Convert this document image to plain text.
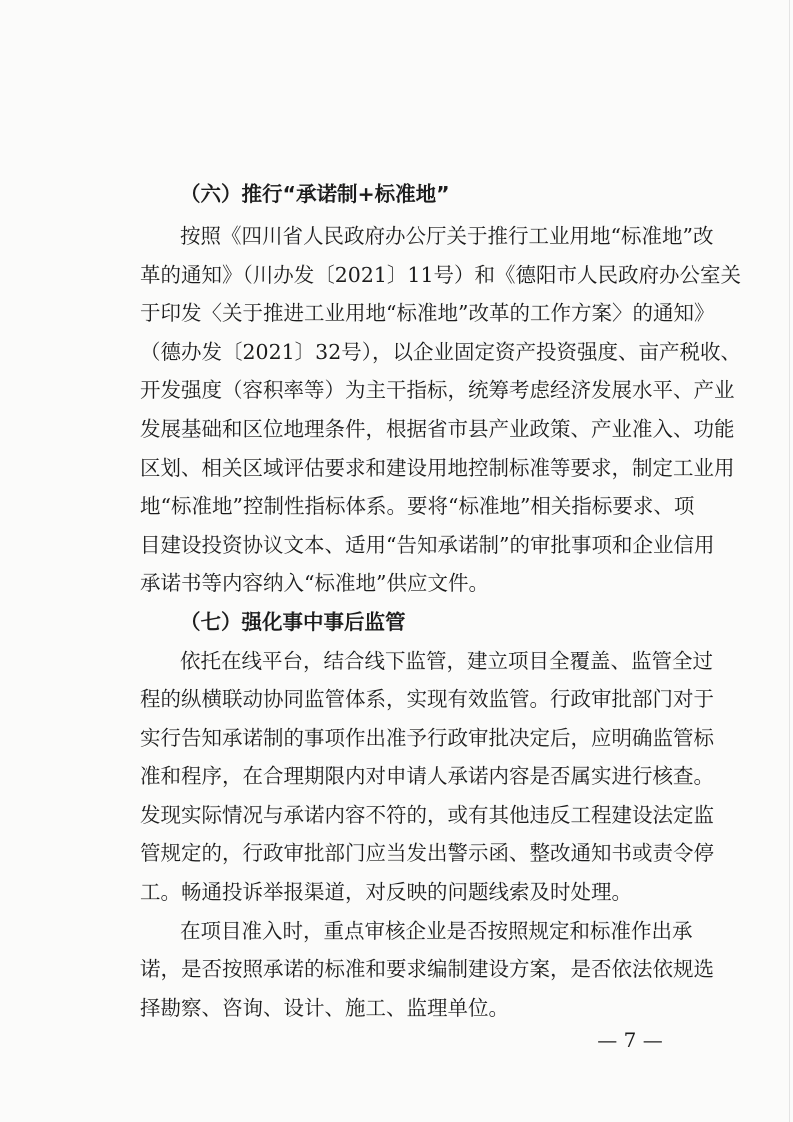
（六）推行“承诺制+标准地”
按照《四川省人民政府办公厅关于推行工业用地“标准地”改
革的通知》（川办发〔2021〕11号）和《德阳市人民政府办公室关
于印发〈关于推进工业用地“标准地”改革的工作方案〉的通知》
（德办发〔2021〕32号），以企业固定资产投资强度、亩产税收、
开发强度（容积率等）为主干指标，统筹考虑经济发展水平、产业
发展基础和区位地理条件，根据省市县产业政策、产业准入、功能
区划、相关区域评估要求和建设用地控制标准等要求，制定工业用
地“标准地”控制性指标体系。要将“标准地”相关指标要求、项
目建设投资协议文本、适用“告知承诺制”的审批事项和企业信用
承诺书等内容纳入“标准地”供应文件。
（七）强化事中事后监管
依托在线平台，结合线下监管，建立项目全覆盖、监管全过
程的纵横联动协同监管体系，实现有效监管。行政审批部门对于
实行告知承诺制的事项作出准予行政审批决定后，应明确监管标
准和程序，在合理期限内对申请人承诺内容是否属实进行核查。
发现实际情况与承诺内容不符的，或有其他违反工程建设法定监
管规定的，行政审批部门应当发出警示函、整改通知书或责令停
工。畅通投诉举报渠道，对反映的问题线索及时处理。
在项目准入时，重点审核企业是否按照规定和标准作出承
诺，是否按照承诺的标准和要求编制建设方案，是否依法依规选
择勘察、咨询、设计、施工、监理单位。
— 7 —
